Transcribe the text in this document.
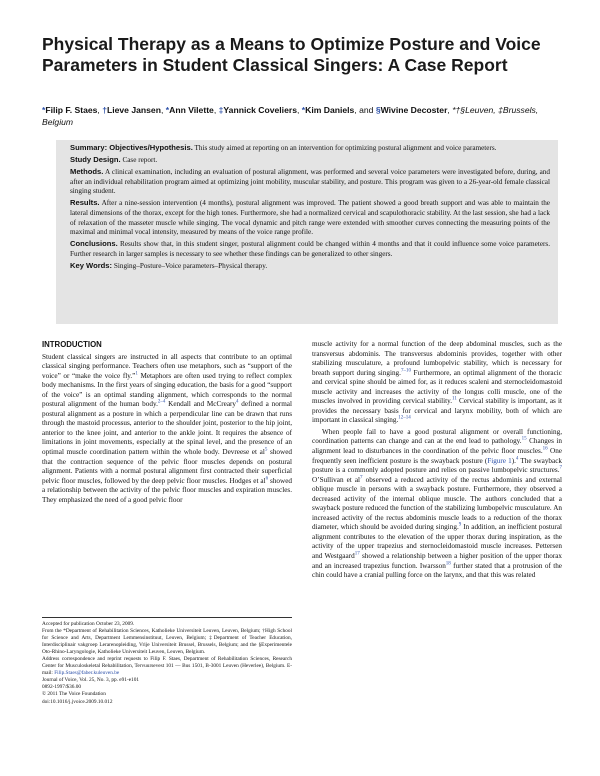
Physical Therapy as a Means to Optimize Posture and Voice Parameters in Student Classical Singers: A Case Report
*Filip F. Staes, †Lieve Jansen, *Ann Vilette, ‡Yannick Coveliers, *Kim Daniels, and §Wivine Decoster, *†§Leuven, ‡Brussels, Belgium

Summary: Objectives/Hypothesis. This study aimed at reporting on an intervention for optimizing postural alignment and voice parameters.

Study Design. Case report.

Methods. A clinical examination, including an evaluation of postural alignment, was performed and several voice parameters were investigated before, during, and after an individual rehabilitation program aimed at optimizing joint mobility, muscular stability, and posture. This program was given to a 26-year-old female classical singing student.

Results. After a nine-session intervention (4 months), postural alignment was improved. The patient showed a good breath support and was able to maintain the lateral dimensions of the thorax, except for the high tones. Furthermore, she had a normalized cervical and scapulothoracic stability. At the last session, she had a lack of relaxation of the masseter muscle while singing. The vocal dynamic and pitch range were extended with smoother curves connecting the measuring points of the maximal and minimal vocal intensity, measured by means of the voice range profile.

Conclusions. Results show that, in this student singer, postural alignment could be changed within 4 months and that it could influence some voice parameters. Further research in larger samples is necessary to see whether these findings can be generalized to other singers.

Key Words: Singing–Posture–Voice parameters–Physical therapy.

INTRODUCTION

Student classical singers are instructed in all aspects that contribute to an optimal classical singing performance. Teachers often use metaphors, such as “support of the voice” or “make the voice fly.”$^1$ Metaphors are often used trying to reflect complex body mechanisms. In the first years of singing education, the basis for a good “support of the voice” is an optimal standing alignment, which corresponds to the normal postural alignment of the human body.$^{2-4}$ Kendall and McCreary$^4$ defined a normal postural alignment as a posture in which a perpendicular line can be drawn that runs through the mastoid processus, anterior to the shoulder joint, posterior to the hip joint, anterior to the knee joint, and anterior to the ankle joint. It requires the absence of limitations in joint movements, especially at the spinal level, and the presence of an optimal muscle coordination pattern within the whole body. Devreese et al$^5$ showed that the contraction sequence of the pelvic floor muscles depends on postural alignment. Patients with a normal postural alignment first contracted their superficial pelvic floor muscles, followed by the deep pelvic floor muscles. Hodges et al$^6$ showed a relationship between the activity of the pelvic floor muscles and expiration muscles. They emphasized the need of a good pelvic floor

muscle activity for a normal function of the deep abdominal muscles, such as the transversus abdominis. The transversus abdominis provides, together with other stabilizing musculature, a profound lumbopelvic stability, which is necessary for breath support during singing.$^{7-10}$ Furthermore, an optimal alignment of the thoracic and cervical spine should be aimed for, as it reduces scaleni and sternocleidomastoid muscle activity and increases the activity of the longus colli muscle, one of the muscles involved in providing cervical stability.$^{11}$ Cervical stability is important, as it provides the necessary basis for cervical and larynx mobility, both of which are important in classical singing.$^{12-14}$

When people fail to have a good postural alignment or overall functioning, coordination patterns can change and can at the end lead to pathology.$^{15}$ Changes in alignment lead to disturbances in the coordination of the pelvic floor muscles.$^{16}$ One frequently seen inefficient posture is the swayback posture (Figure 1).$^4$ The swayback posture is a commonly adopted posture and relies on passive lumbopelvic structures.$^7$ O’Sullivan et al$^7$ observed a reduced activity of the rectus abdominis and external oblique muscle in persons with a swayback posture. Furthermore, they observed a decreased activity of the internal oblique muscle. The authors concluded that a swayback posture reduced the function of the stabilizing lumbopelvic musculature. An increased activity of the rectus abdominis muscle leads to a reduction of the thorax diameter, which should be avoided during singing.$^9$ In addition, an inefficient postural alignment contributes to the elevation of the upper thorax during inspiration, as the activity of the upper trapezius and sternocleidomastoid muscle increases. Pettersen and Westgaard$^{17}$ showed a relationship between a higher position of the upper thorax and an increased trapezius function. Iwarsson$^{18}$ further stated that a protrusion of the chin could have a cranial pulling force on the larynx, and that this was related

Accepted for publication October 23, 2009.

From the *Department of Rehabilitation Sciences, Katholieke Universiteit Leuven, Leuven, Belgium; †High School for Science and Arts, Department Lemmensinstituut, Leuven, Belgium; ‡Department of Teacher Education, Interdisciplinair vakgroep Lerarenopleiding, Vrije Universiteit Brussel, Brussels, Belgium; and the §Experimentele Oto-Rhino-Laryngologie, Katholieke Universiteit Leuven, Leuven, Belgium.

Address correspondence and reprint requests to Filip F. Staes, Department of Rehabilitation Sciences, Research Center for Musculoskeletal Rehabilitation, Tervuursevest 101 — Bus 1501, B-3001 Leuven (Heverlee), Belgium. E-mail: Filip.Staes@faber.kuleuven.be

Journal of Voice, Vol. 25, No. 3, pp. e91-e101

0892-1997/$36.00

© 2011 The Voice Foundation

doi:10.1016/j.jvoice.2009.10.012
